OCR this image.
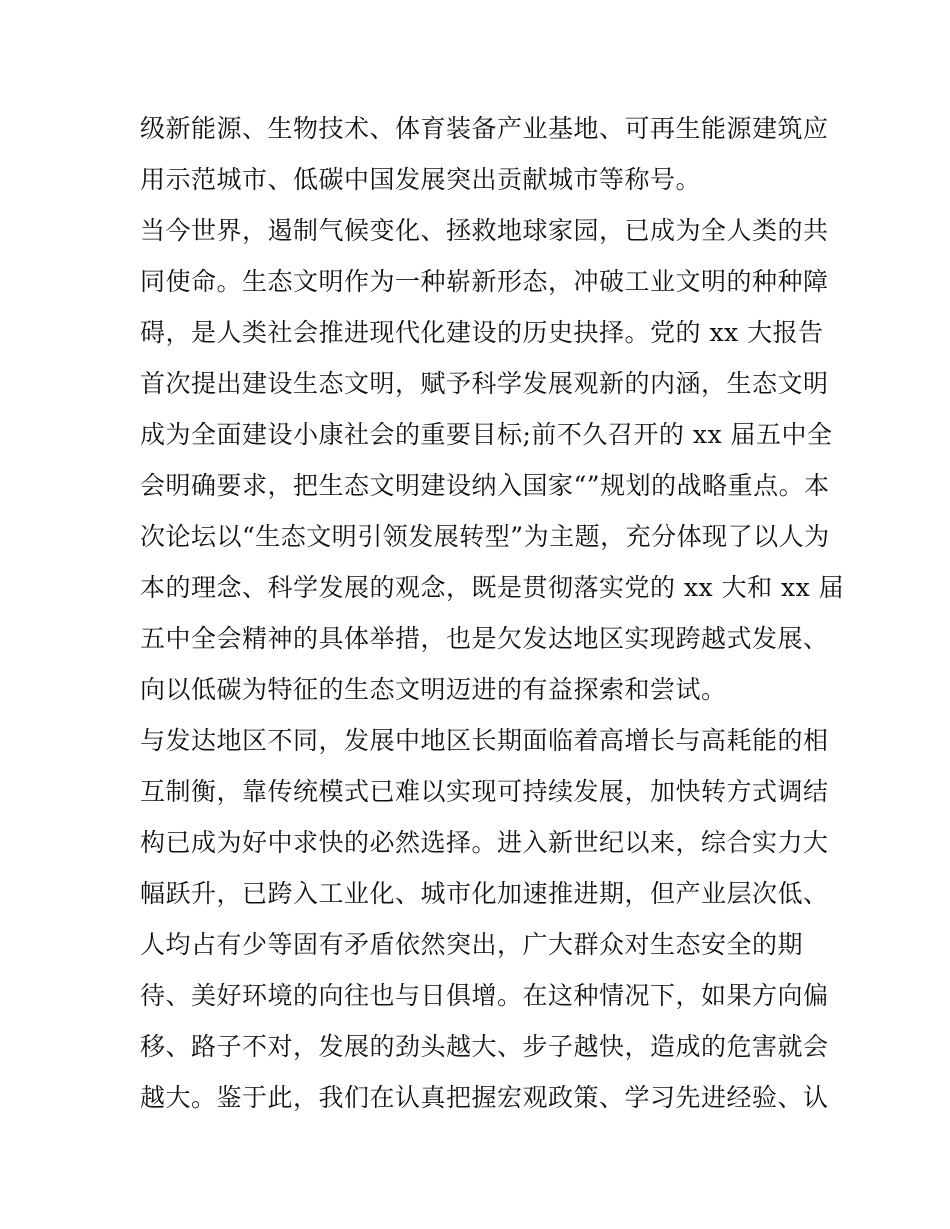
级新能源、生物技术、体育装备产业基地、可再生能源建筑应
用示范城市、低碳中国发展突出贡献城市等称号。
当今世界，遏制气候变化、拯救地球家园，已成为全人类的共
同使命。生态文明作为一种崭新形态，冲破工业文明的种种障
碍，是人类社会推进现代化建设的历史抉择。党的 xx 大报告
首次提出建设生态文明，赋予科学发展观新的内涵，生态文明
成为全面建设小康社会的重要目标;前不久召开的 xx 届五中全
会明确要求，把生态文明建设纳入国家“”规划的战略重点。本
次论坛以“生态文明引领发展转型”为主题，充分体现了以人为
本的理念、科学发展的观念，既是贯彻落实党的 xx 大和 xx 届
五中全会精神的具体举措，也是欠发达地区实现跨越式发展、
向以低碳为特征的生态文明迈进的有益探索和尝试。
与发达地区不同，发展中地区长期面临着高增长与高耗能的相
互制衡，靠传统模式已难以实现可持续发展，加快转方式调结
构已成为好中求快的必然选择。进入新世纪以来，综合实力大
幅跃升，已跨入工业化、城市化加速推进期，但产业层次低、
人均占有少等固有矛盾依然突出，广大群众对生态安全的期
待、美好环境的向往也与日俱增。在这种情况下，如果方向偏
移、路子不对，发展的劲头越大、步子越快，造成的危害就会
越大。鉴于此，我们在认真把握宏观政策、学习先进经验、认
